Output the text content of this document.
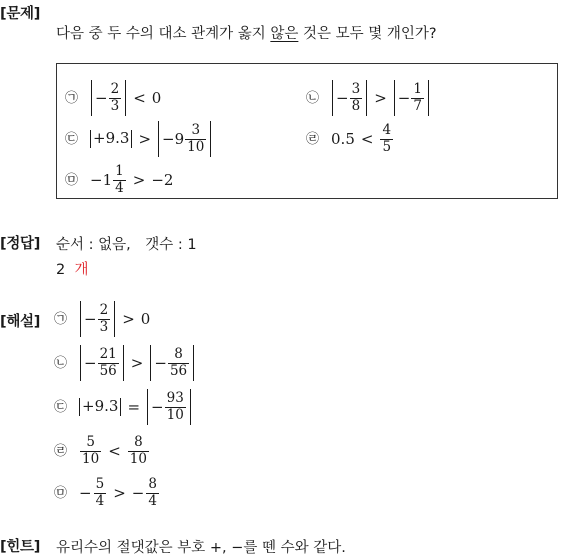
[문제]
다음 중 두 수의 대소 관계가 옳지 않은 것은 모두 몇 개인가?
㉠ − $\frac{2}{3} < 0$	㉡ − $\frac{3}{8}$ > − $\frac{1}{7}$
㉢ $+9.3 > -9 \frac{3}{10}$	㉣ $0.5 < \frac{4}{5}$
㉤ $-1 \frac{1}{4} > -2$
[정답] 순서 : 없음,　갯수 : 1
2 개
[해설] ㉠ − $\frac{2}{3} > 0$
㉡ − $\frac{21}{56}$ > − $\frac{8}{56}$
㉢ +9.3 = − $\frac{93}{10}$
㉣ $\frac{5}{10} < \frac{8}{10}$
㉤ − $\frac{5}{4}$ > − $\frac{8}{4}$
[힌트] 유리수의 절댓값은 부호 +, −를 뗀 수와 같다.
